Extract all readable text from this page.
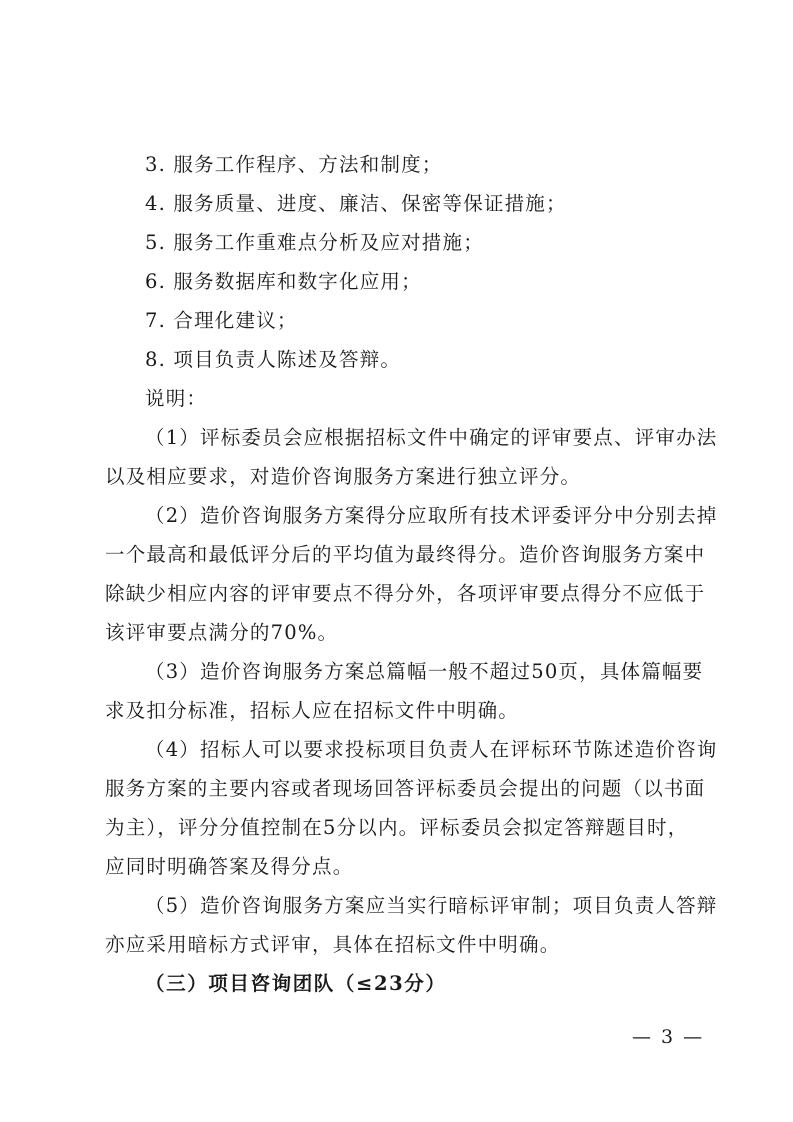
3. 服务工作程序、方法和制度；
4. 服务质量、进度、廉洁、保密等保证措施；
5. 服务工作重难点分析及应对措施；
6. 服务数据库和数字化应用；
7. 合理化建议；
8. 项目负责人陈述及答辩。
说明：
（1）评标委员会应根据招标文件中确定的评审要点、评审办法
以及相应要求，对造价咨询服务方案进行独立评分。
（2）造价咨询服务方案得分应取所有技术评委评分中分别去掉
一个最高和最低评分后的平均值为最终得分。造价咨询服务方案中
除缺少相应内容的评审要点不得分外，各项评审要点得分不应低于
该评审要点满分的70%。
（3）造价咨询服务方案总篇幅一般不超过50页，具体篇幅要
求及扣分标准，招标人应在招标文件中明确。
（4）招标人可以要求投标项目负责人在评标环节陈述造价咨询
服务方案的主要内容或者现场回答评标委员会提出的问题（以书面
为主），评分分值控制在5分以内。评标委员会拟定答辩题目时，
应同时明确答案及得分点。
（5）造价咨询服务方案应当实行暗标评审制；项目负责人答辩
亦应采用暗标方式评审，具体在招标文件中明确。
（三）项目咨询团队（≤23分）
— 3 —
